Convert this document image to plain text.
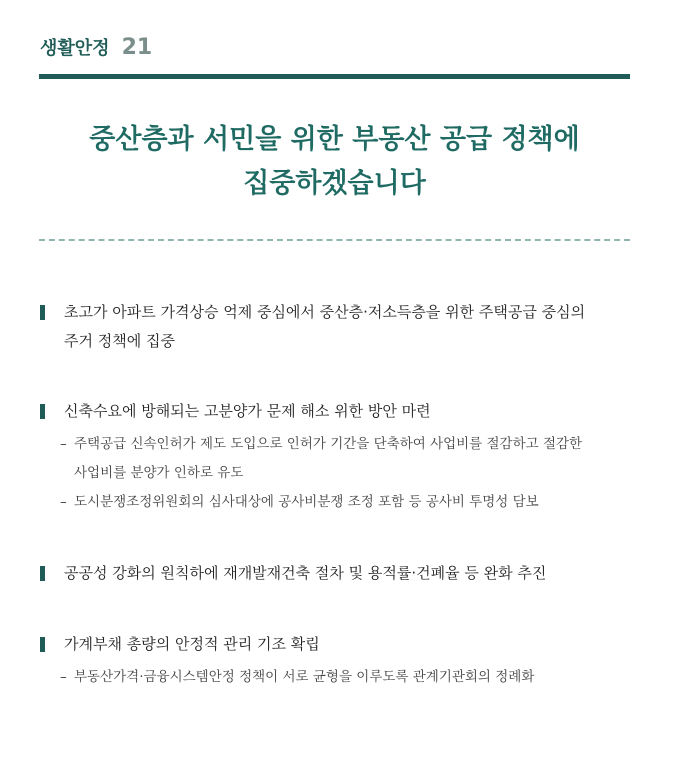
생활안정 21
중산층과 서민을 위한 부동산 공급 정책에
집중하겠습니다
초고가 아파트 가격상승 억제 중심에서 중산층·저소득층을 위한 주택공급 중심의
주거 정책에 집중
신축수요에 방해되는 고분양가 문제 해소 위한 방안 마련
– 주택공급 신속인허가 제도 도입으로 인허가 기간을 단축하여 사업비를 절감하고 절감한
사업비를 분양가 인하로 유도
– 도시분쟁조정위원회의 심사대상에 공사비분쟁 조정 포함 등 공사비 투명성 담보
공공성 강화의 원칙하에 재개발재건축 절차 및 용적률·건폐율 등 완화 추진
가계부채 총량의 안정적 관리 기조 확립
– 부동산가격·금융시스템안정 정책이 서로 균형을 이루도록 관계기관회의 정례화
